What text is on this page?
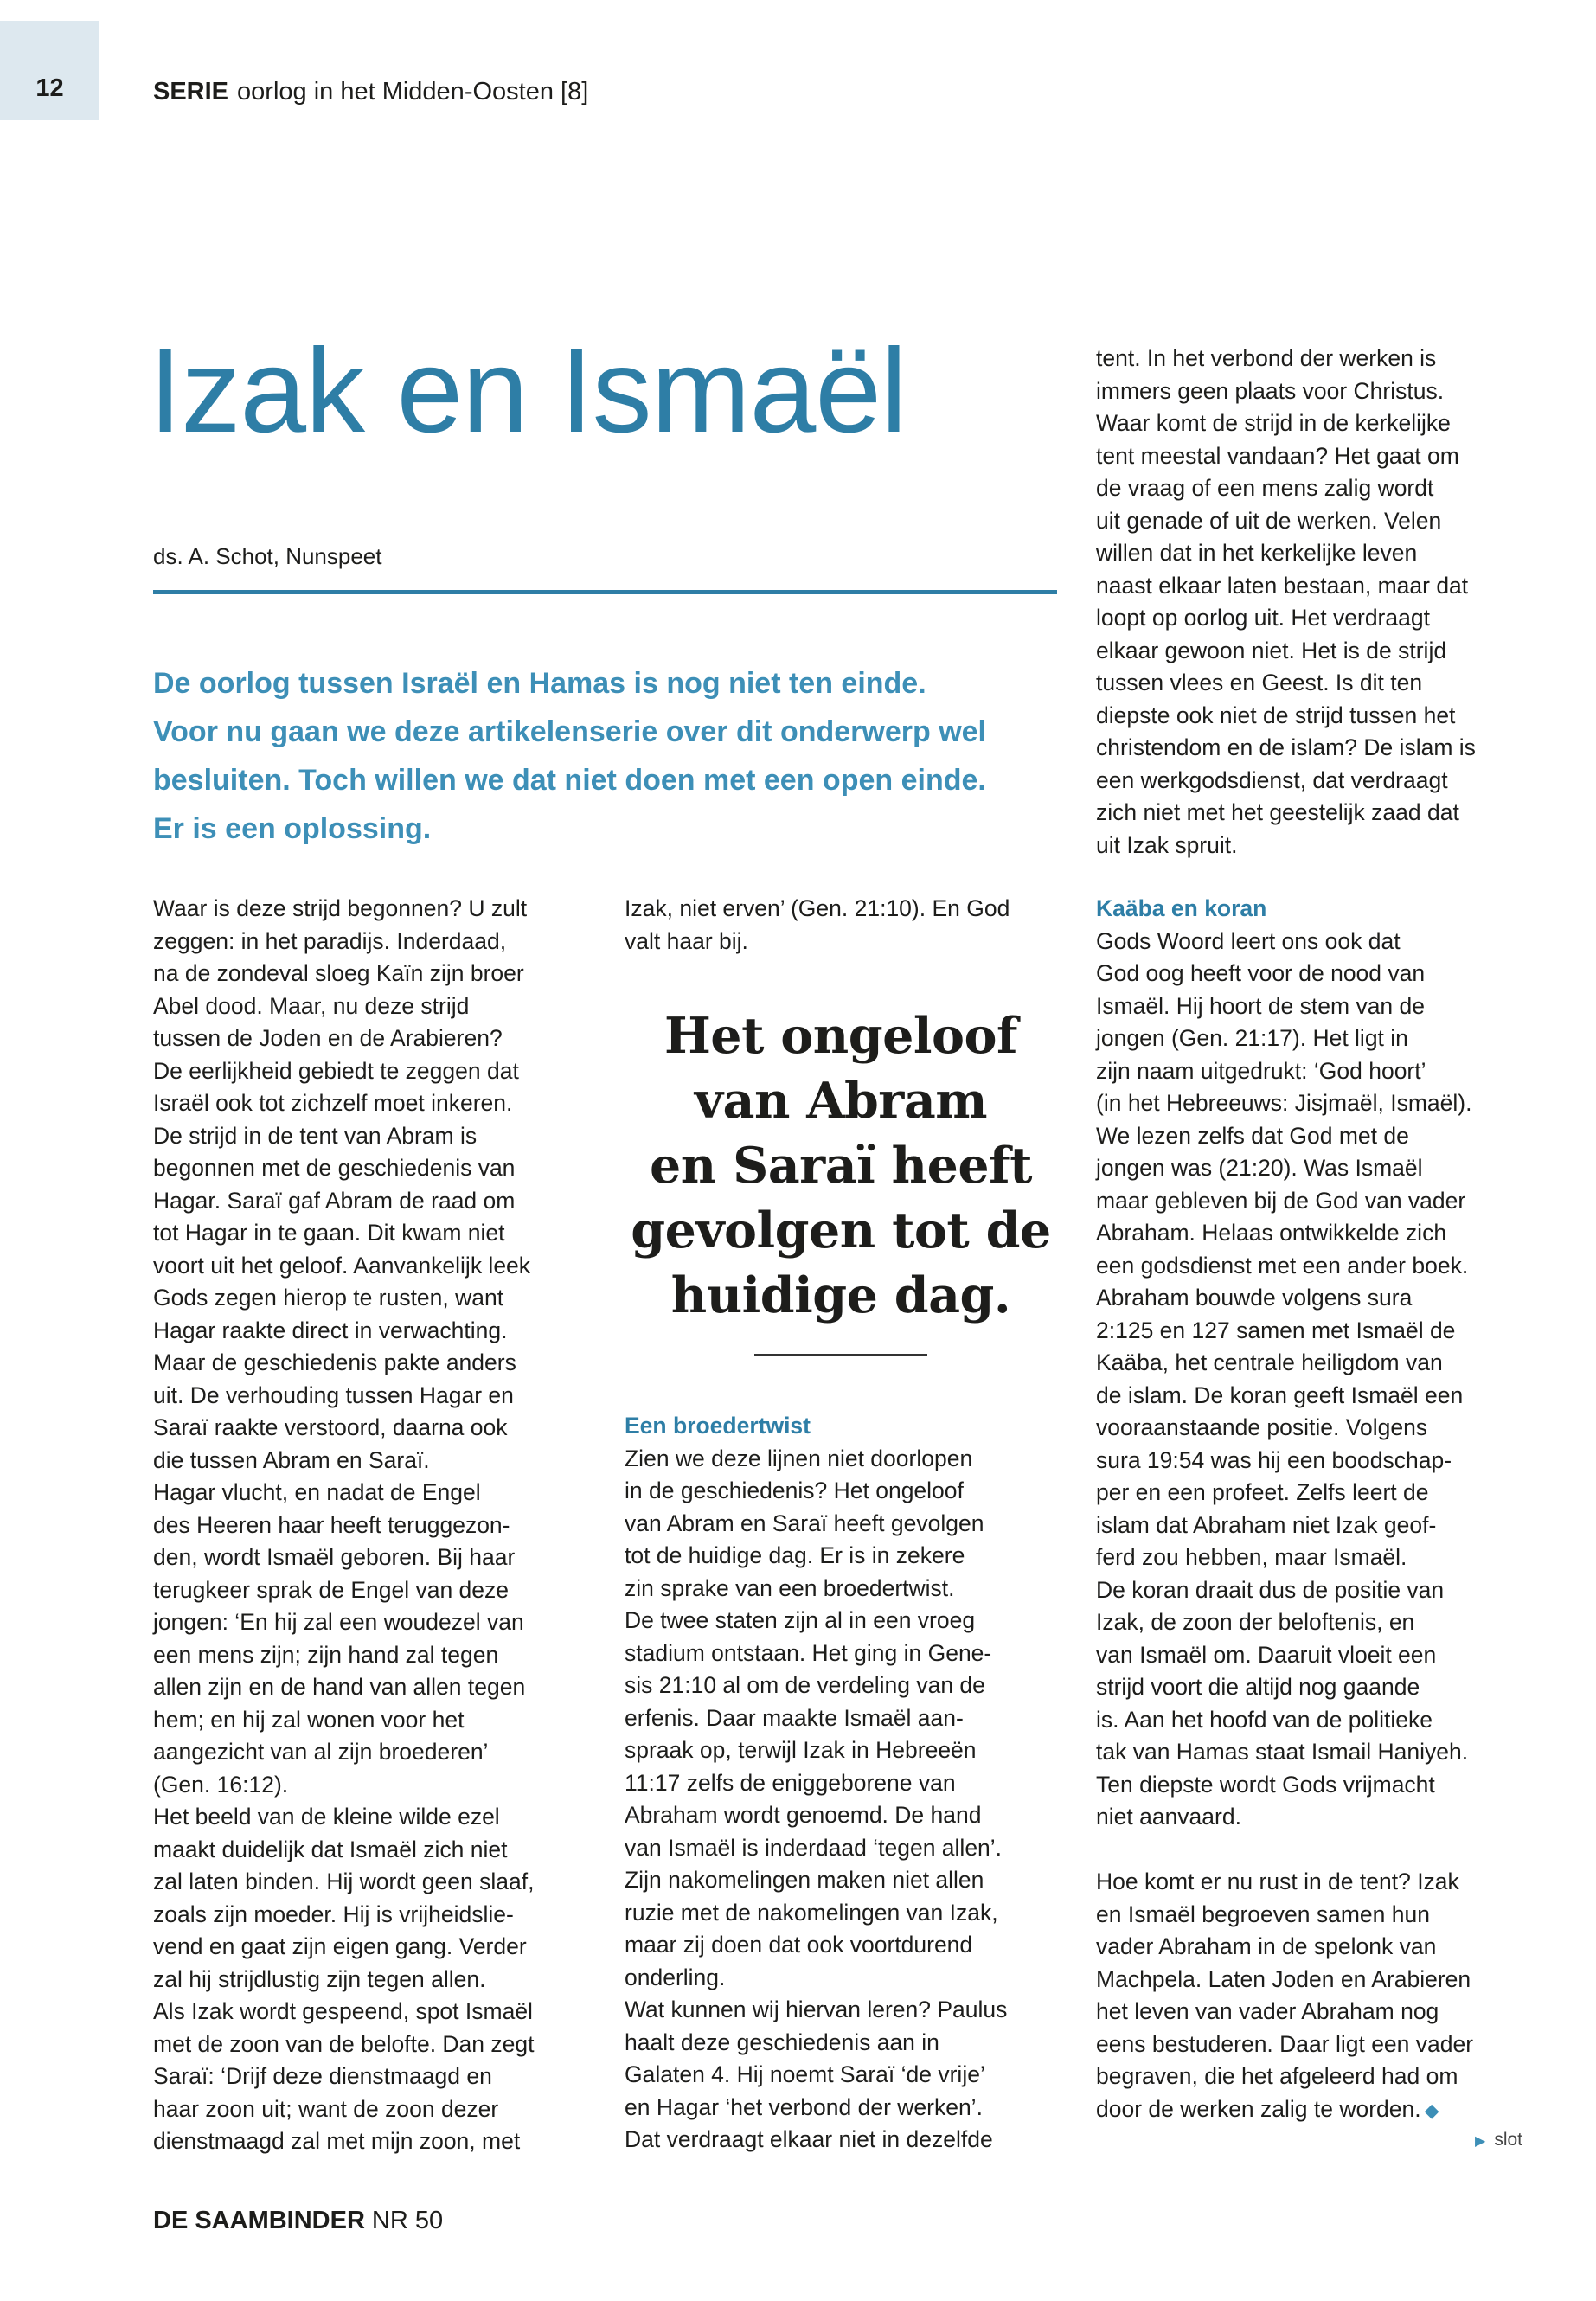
12	SERIE oorlog in het Midden-Oosten [8]
Izak en Ismaël
ds. A. Schot, Nunspeet

De oorlog tussen Israël en Hamas is nog niet ten einde.

Voor nu gaan we deze artikelenserie over dit onderwerp wel

besluiten. Toch willen we dat niet doen met een open einde.

Er is een oplossing.

Waar is deze strijd begonnen? U zult

zeggen: in het paradijs. Inderdaad,

na de zondeval sloeg Kaïn zijn broer

Abel dood. Maar, nu deze strijd

tussen de Joden en de Arabieren?

De eerlijkheid gebiedt te zeggen dat

Israël ook tot zichzelf moet inkeren.

De strijd in de tent van Abram is

begonnen met de geschiedenis van

Hagar. Saraï gaf Abram de raad om

tot Hagar in te gaan. Dit kwam niet

voort uit het geloof. Aanvankelijk leek

Gods zegen hierop te rusten, want

Hagar raakte direct in verwachting.

Maar de geschiedenis pakte anders

uit. De verhouding tussen Hagar en

Saraï raakte verstoord, daarna ook

die tussen Abram en Saraï.

Hagar vlucht, en nadat de Engel

des Heeren haar heeft teruggezon-

den, wordt Ismaël geboren. Bij haar

terugkeer sprak de Engel van deze

jongen: ‘En hij zal een woudezel van

een mens zijn; zijn hand zal tegen

allen zijn en de hand van allen tegen

hem; en hij zal wonen voor het

aangezicht van al zijn broederen’

(Gen. 16:12).

Het beeld van de kleine wilde ezel

maakt duidelijk dat Ismaël zich niet

zal laten binden. Hij wordt geen slaaf,

zoals zijn moeder. Hij is vrijheidslie-

vend en gaat zijn eigen gang. Verder

zal hij strijdlustig zijn tegen allen.

Als Izak wordt gespeend, spot Ismaël

met de zoon van de belofte. Dan zegt

Saraï: ‘Drijf deze dienstmaagd en

haar zoon uit; want de zoon dezer

dienstmaagd zal met mijn zoon, met

Izak, niet erven’ (Gen. 21:10). En God

valt haar bij.

Het ongeloof

van Abram

en Saraï heeft

gevolgen tot de

huidige dag.

Een broedertwist

Zien we deze lijnen niet doorlopen

in de geschiedenis? Het ongeloof

van Abram en Saraï heeft gevolgen

tot de huidige dag. Er is in zekere

zin sprake van een broedertwist.

De twee staten zijn al in een vroeg

stadium ontstaan. Het ging in Gene-

sis 21:10 al om de verdeling van de

erfenis. Daar maakte Ismaël aan-

spraak op, terwijl Izak in Hebreeën

11:17 zelfs de eniggeborene van

Abraham wordt genoemd. De hand

van Ismaël is inderdaad ‘tegen allen’.

Zijn nakomelingen maken niet allen

ruzie met de nakomelingen van Izak,

maar zij doen dat ook voortdurend

onderling.

Wat kunnen wij hiervan leren? Paulus

haalt deze geschiedenis aan in

Galaten 4. Hij noemt Saraï ‘de vrije’

en Hagar ‘het verbond der werken’.

Dat verdraagt elkaar niet in dezelfde

tent. In het verbond der werken is

immers geen plaats voor Christus.

Waar komt de strijd in de kerkelijke

tent meestal vandaan? Het gaat om

de vraag of een mens zalig wordt

uit genade of uit de werken. Velen

willen dat in het kerkelijke leven

naast elkaar laten bestaan, maar dat

loopt op oorlog uit. Het verdraagt

elkaar gewoon niet. Het is de strijd

tussen vlees en Geest. Is dit ten

diepste ook niet de strijd tussen het

christendom en de islam? De islam is

een werkgodsdienst, dat verdraagt

zich niet met het geestelijk zaad dat

uit Izak spruit.

Kaäba en koran

Gods Woord leert ons ook dat

God oog heeft voor de nood van

Ismaël. Hij hoort de stem van de

jongen (Gen. 21:17). Het ligt in

zijn naam uitgedrukt: ‘God hoort’

(in het Hebreeuws: Jisjmaël, Ismaël).

We lezen zelfs dat God met de

jongen was (21:20). Was Ismaël

maar gebleven bij de God van vader

Abraham. Helaas ontwikkelde zich

een godsdienst met een ander boek.

Abraham bouwde volgens sura

2:125 en 127 samen met Ismaël de

Kaäba, het centrale heiligdom van

de islam. De koran geeft Ismaël een

vooraanstaande positie. Volgens

sura 19:54 was hij een boodschap-

per en een profeet. Zelfs leert de

islam dat Abraham niet Izak geof-

ferd zou hebben, maar Ismaël.

De koran draait dus de positie van

Izak, de zoon der beloftenis, en

van Ismaël om. Daaruit vloeit een

strijd voort die altijd nog gaande

is. Aan het hoofd van de politieke

tak van Hamas staat Ismail Haniyeh.

Ten diepste wordt Gods vrijmacht

niet aanvaard.

Hoe komt er nu rust in de tent? Izak

en Ismaël begroeven samen hun

vader Abraham in de spelonk van

Machpela. Laten Joden en Arabieren

het leven van vader Abraham nog

eens bestuderen. Daar ligt een vader

begraven, die het afgeleerd had om

door de werken zalig te worden. ◆

▶ slot
DE SAAMBINDER NR 50
